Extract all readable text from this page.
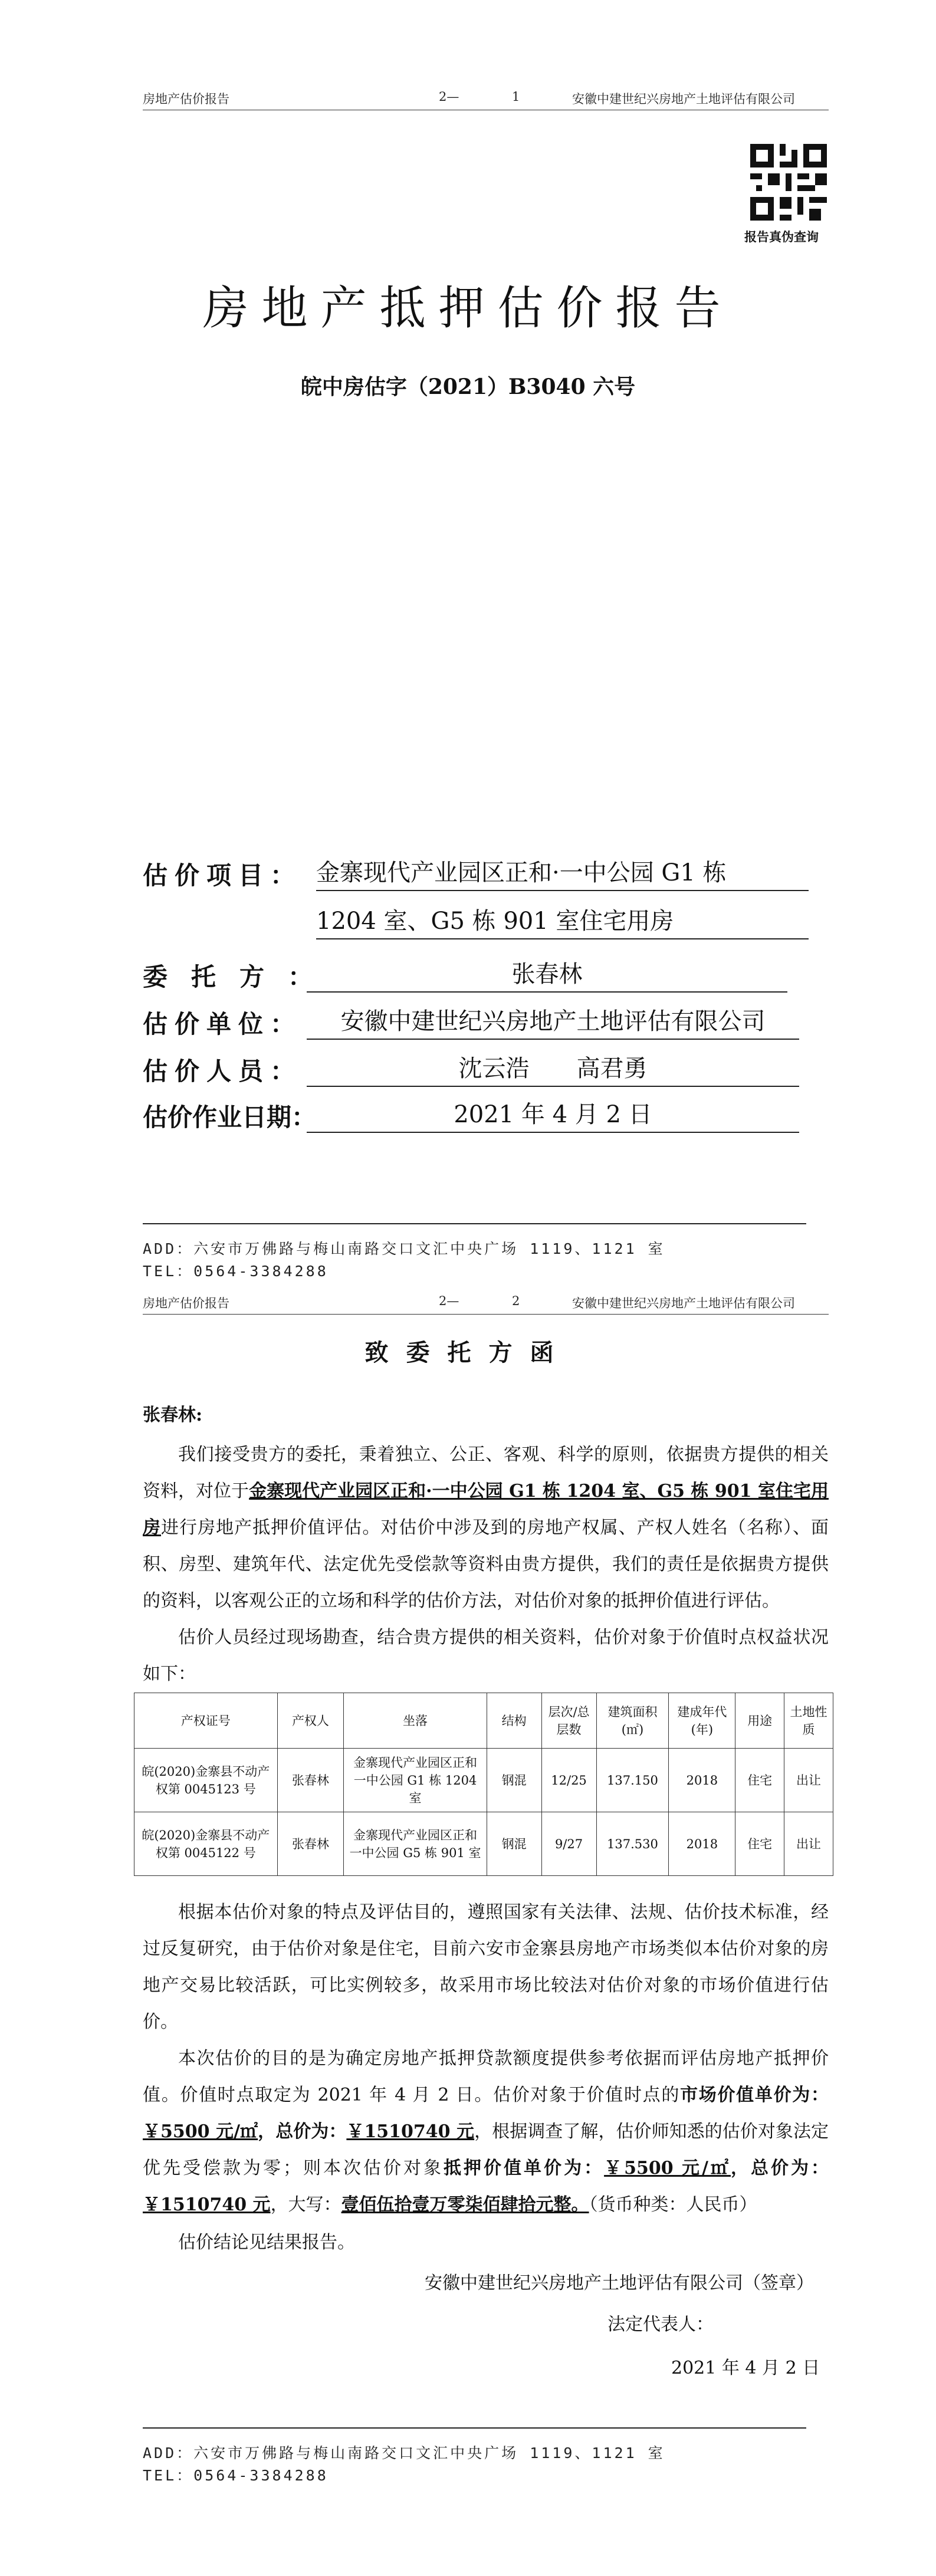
房地产估价报告	2—	1	安徽中建世纪兴房地产土地评估有限公司
报告真伪查询
房地产抵押估价报告
皖中房估字（2021）B3040 六号
估价项目： 金寨现代产业园区正和·一中公园 G1 栋
1204 室、G5 栋 901 室住宅用房
委托方：	张春林
估价单位：	安徽中建世纪兴房地产土地评估有限公司
估价人员：	沈云浩　　高君勇
估价作业日期：	2021 年 4 月 2 日
ADD：六安市万佛路与梅山南路交口文汇中央广场 1119、1121 室
TEL：0564-3384288
房地产估价报告	2—	2	安徽中建世纪兴房地产土地评估有限公司
致委托方函
张春林:
我们接受贵方的委托，秉着独立、公正、客观、科学的原则，依据贵方提供的相关资料，对位于金寨现代产业园区正和·一中公园 G1 栋 1204 室、G5 栋 901 室住宅用房进行房地产抵押价值评估。对估价中涉及到的房地产权属、产权人姓名（名称）、面积、房型、建筑年代、法定优先受偿款等资料由贵方提供，我们的责任是依据贵方提供的资料，以客观公正的立场和科学的估价方法，对估价对象的抵押价值进行评估。
估价人员经过现场勘查，结合贵方提供的相关资料，估价对象于价值时点权益状况如下：
产权证号	产权人	坐落	结构	层次/总层数	建筑面积(㎡)	建成年代(年)	用途	土地性质
皖(2020)金寨县不动产权第 0045123 号	张春林	金寨现代产业园区正和一中公园 G1 栋 1204 室	钢混	12/25	137.150	2018	住宅	出让
皖(2020)金寨县不动产权第 0045122 号	张春林	金寨现代产业园区正和一中公园 G5 栋 901 室	钢混	9/27	137.530	2018	住宅	出让
根据本估价对象的特点及评估目的，遵照国家有关法律、法规、估价技术标准，经过反复研究，由于估价对象是住宅，目前六安市金寨县房地产市场类似本估价对象的房地产交易比较活跃，可比实例较多，故采用市场比较法对估价对象的市场价值进行估价。
本次估价的目的是为确定房地产抵押贷款额度提供参考依据而评估房地产抵押价值。价值时点取定为 2021 年 4 月 2 日。估价对象于价值时点的市场价值单价为：￥5500 元/㎡，总价为：￥1510740 元，根据调查了解，估价师知悉的估价对象法定优先受偿款为零；则本次估价对象抵押价值单价为：￥5500 元/㎡，总价为：￥1510740 元，大写：壹佰伍拾壹万零柒佰肆拾元整。（货币种类：人民币）
估价结论见结果报告。
安徽中建世纪兴房地产土地评估有限公司（签章）
法定代表人：
2021 年 4 月 2 日
ADD：六安市万佛路与梅山南路交口文汇中央广场 1119、1121 室
TEL：0564-3384288
